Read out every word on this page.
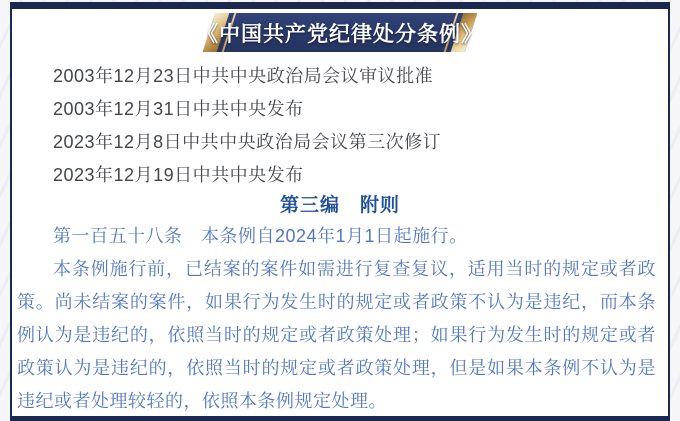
《中国共产党纪律处分条例》
2003年12月23日中共中央政治局会议审议批准
2003年12月31日中共中央发布
2023年12月8日中共中央政治局会议第三次修订
2023年12月19日中共中央发布
第三编　附则

第一百五十八条　本条例自2024年1月1日起施行。

本条例施行前，已结案的案件如需进行复查复议，适用当时的规定或者政策。尚未结案的案件，如果行为发生时的规定或者政策不认为是违纪，而本条例认为是违纪的，依照当时的规定或者政策处理；如果行为发生时的规定或者政策认为是违纪的，依照当时的规定或者政策处理，但是如果本条例不认为是违纪或者处理较轻的，依照本条例规定处理。
